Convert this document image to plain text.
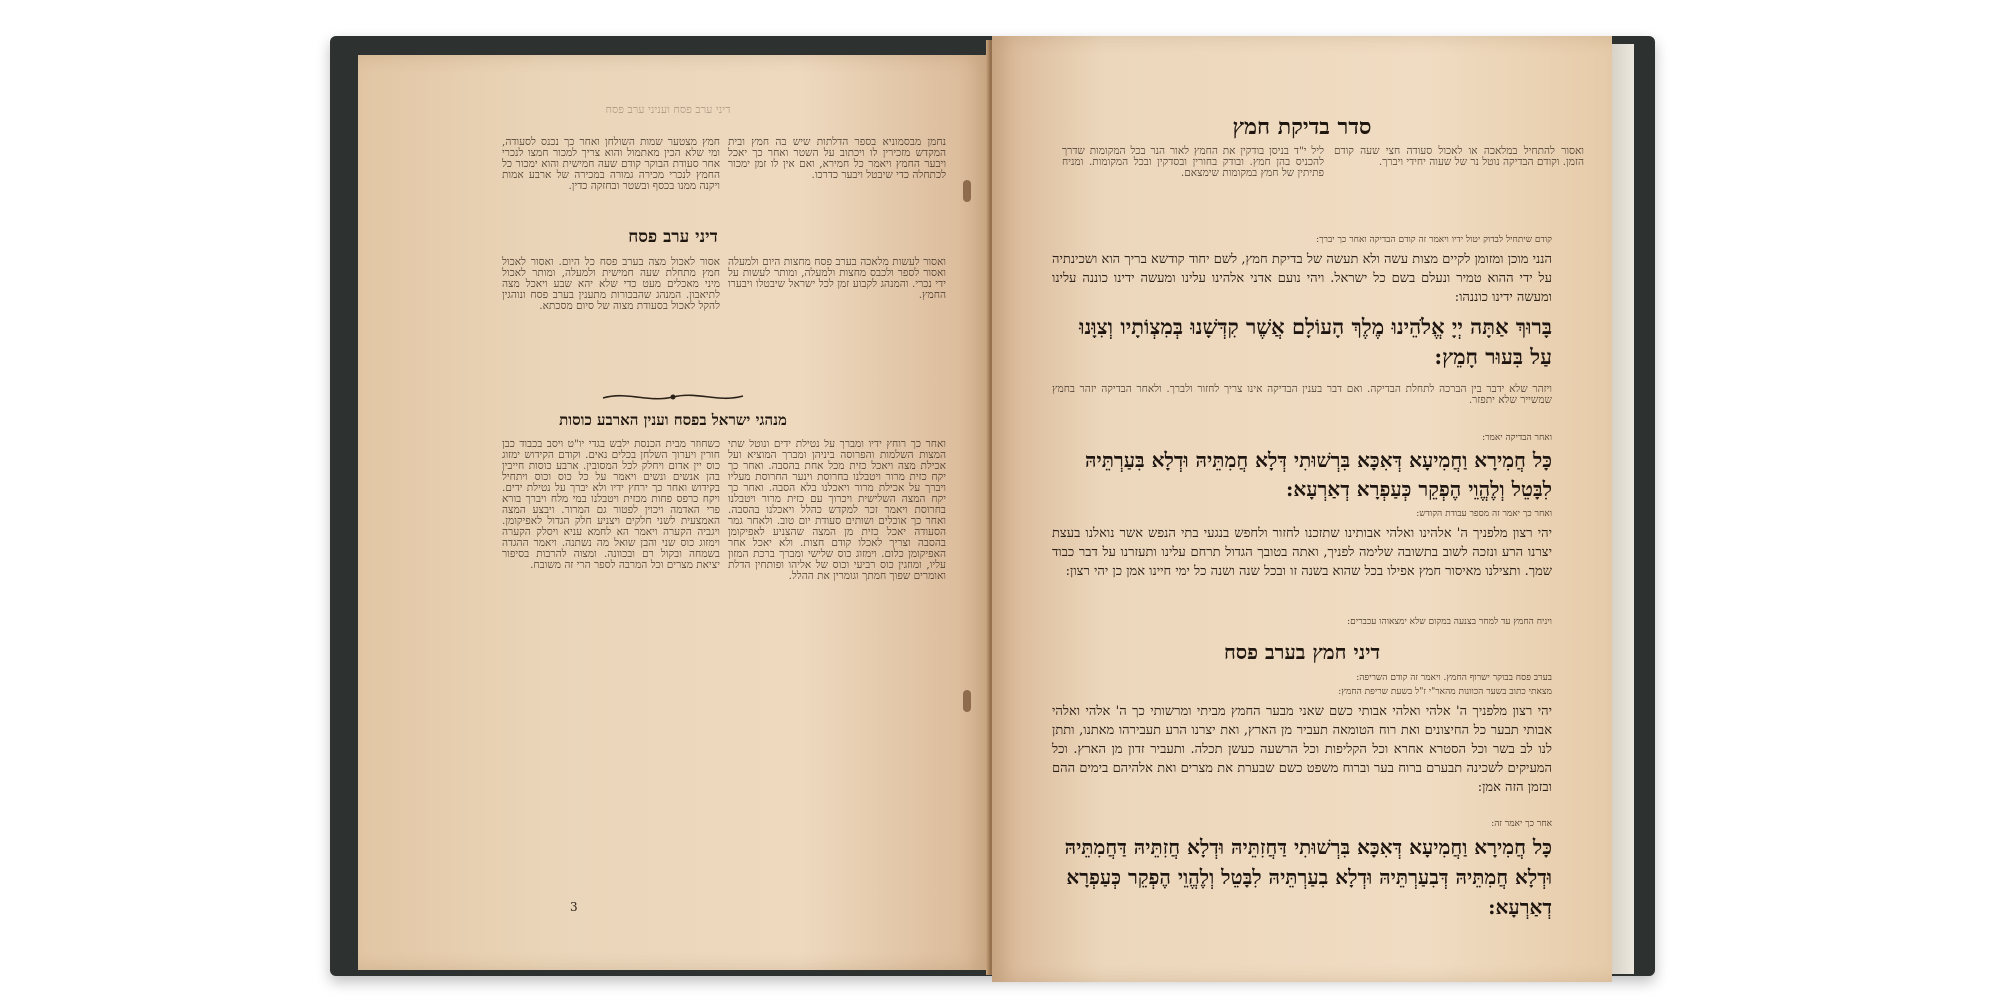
דיני ערב פסח ועניני ערב פסח
חמץ מצטער שמות השולחן ואחר כך נכנס לסעודה, ומי שלא הכין מאתמול והוא צריך למכור חמצו לנכרי אחר סעודת הבוקר קודם שעה חמישית והוא ימכור כל החמץ לנכרי מכירה גמורה במכירה של ארבע אמות ויקנה ממנו בכסף ובשטר ובחזקה כדין.
נחמן מבסמוניא בספר הדלתות שיש בה חמץ ובית המקדש מזכירין לו ויכתוב על השטר ואחר כך יאכל ויבער החמץ ויאמר כל חמירא, ואם אין לו זמן ימכור לכתחלה כדי שיבטל ויבער כדרכו.
דיני ערב פסח
אסור לאכול מצה בערב פסח כל היום. ואסור לאכול חמץ מתחלת שעה חמישית ולמעלה, ומותר לאכול מיני מאכלים מעט כדי שלא יהא שבע ויאכל מצה לתיאבון. המנהג שהבכורות מתענין בערב פסח ונוהגין להקל לאכול בסעודת מצוה של סיום מסכתא.
ואסור לעשות מלאכה בערב פסח מחצות היום ולמעלה ואסור לספר ולכבס מחצות ולמעלה, ומותר לעשות על ידי נכרי. והמנהג לקבוע זמן לכל ישראל שיבטלו ויבערו החמץ.
מנהגי ישראל בפסח וענין הארבע כוסות
כשחוזר מבית הכנסת ילבש בגדי יו"ט ויסב בכבוד כבן חורין ויערוך השלחן בכלים נאים. וקודם הקידוש ימזוג כוס יין אדום ויחלק לכל המסובין. ארבע כוסות חייבין בהן אנשים ונשים ויאמר על כל כוס וכוס ויתחיל בקידוש ואחר כך ירחץ ידיו ולא יברך על נטילת ידים. ויקח כרפס פחות מכזית ויטבלנו במי מלח ויברך בורא פרי האדמה ויכוין לפטור גם המרור. ויבצע המצה האמצעית לשני חלקים ויצניע חלק הגדול לאפיקומן. ויגביה הקערה ויאמר הא לחמא עניא ויסלק הקערה וימזוג כוס שני והבן שואל מה נשתנה. ויאמר ההגדה בשמחה ובקול רם ובכוונה. ומצוה להרבות בסיפור יציאת מצרים וכל המרבה לספר הרי זה משובח.
ואחר כך רוחץ ידיו ומברך על נטילת ידים ונוטל שתי המצות השלמות והפרוסה ביניהן ומברך המוציא ועל אכילת מצה ויאכל כזית מכל אחת בהסבה. ואחר כך יקח כזית מרור ויטבלנו בחרוסת וינער החרוסת מעליו ויברך על אכילת מרור ויאכלנו בלא הסבה. ואחר כך יקח המצה השלישית ויכרוך עם כזית מרור ויטבלנו בחרוסת ויאמר זכר למקדש כהלל ויאכלנו בהסבה. ואחר כך אוכלים ושותים סעודת יום טוב. ולאחר גמר הסעודה יאכל כזית מן המצה שהצניע לאפיקומן בהסבה וצריך לאכלו קודם חצות. ולא יאכל אחר האפיקומן כלום. וימזוג כוס שלישי ומברך ברכת המזון עליו, ומוזגין כוס רביעי וכוס של אליהו ופותחין הדלת ואומרים שפוך חמתך וגומרין את ההלל.
3
סדר בדיקת חמץ
ליל י"ד בניסן בודקין את החמץ לאור הנר בכל המקומות שדרך להכניס בהן חמץ. ובודק בחורין ובסדקין ובכל המקומות. ומניח פתיתין של חמץ במקומות שימצאם.
ואסור להתחיל במלאכה או לאכול סעודה חצי שעה קודם הזמן. וקודם הבדיקה נוטל נר של שעוה יחידי ויברך.
קודם שיתחיל לבדוק יטול ידיו ויאמר זה קודם הבדיקה ואחר כך יברך:
הנני מוכן ומזומן לקיים מצות עשה ולא תעשה של בדיקת חמץ, לשם יחוד קודשא בריך הוא ושכינתיה על ידי ההוא טמיר ונעלם בשם כל ישראל. ויהי נועם אדני אלהינו עלינו ומעשה ידינו כוננה עלינו ומעשה ידינו כוננהו:
בָּרוּךְ אַתָּה יְיָ אֱלֹהֵינוּ מֶלֶךְ הָעוֹלָם אֲשֶׁר קִדְּשָׁנוּ בְּמִצְוֹתָיו וְצִוָּנוּ עַל בִּעוּר חָמֵץ:
ויזהר שלא ידבר בין הברכה לתחלת הבדיקה. ואם דבר בענין הבדיקה אינו צריך לחזור ולברך. ולאחר הבדיקה יזהר בחמץ שמשייר שלא יתפזר.
ואחר הבדיקה יאמר:
כָּל חֲמִירָא וַחֲמִיעָא דְּאִכָּא בִּרְשׁוּתִי דְּלָא חֲמִתֵּיהּ וּדְלָא בִּעַרְתֵּיהּ לִבָּטֵל וְלֶהֱוֵי הֶפְקֵר כְּעַפְרָא דְאַרְעָא:
ואחר כך יאמר זה מספר עבודת הקודש:
יהי רצון מלפניך ה' אלהינו ואלהי אבותינו שתזכנו לחזור ולחפש בנגעי בתי הנפש אשר נואלנו בעצת יצרנו הרע ונזכה לשוב בתשובה שלימה לפניך, ואתה בטובך הגדול תרחם עלינו ותעזרנו על דבר כבוד שמך. ותצילנו מאיסור חמץ אפילו בכל שהוא בשנה זו ובכל שנה ושנה כל ימי חיינו אמן כן יהי רצון:
ויניח החמץ עד למחר בצנעה במקום שלא ימצאוהו עכברים:
דיני חמץ בערב פסח
בערב פסח בבוקר ישרוף החמץ. ויאמר זה קודם השריפה:
מצאתי כתוב בשער הכוונות מהאר"י ז"ל בשעת שריפת החמץ:
יהי רצון מלפניך ה' אלהי ואלהי אבותי כשם שאני מבער החמץ מביתי ומרשותי כך ה' אלהי ואלהי אבותי תבער כל החיצונים ואת רוח הטומאה תעביר מן הארץ, ואת יצרנו הרע תעבירהו מאתנו, ותתן לנו לב בשר וכל הסטרא אחרא וכל הקליפות וכל הרשעה כעשן תכלה. ותעביר זדון מן הארץ. וכל המעיקים לשכינה תבערם ברוח בער וברוח משפט כשם שבערת את מצרים ואת אלהיהם בימים ההם ובזמן הזה אמן:
אחר כך יאמר זה:
כָּל חֲמִירָא וַחֲמִיעָא דְּאִכָּא בִּרְשׁוּתִי דַּחֲזִתֵּיהּ וּדְלָא חֲזִתֵּיהּ דַּחֲמִתֵּיהּ וּדְלָא חֲמִתֵּיהּ דְּבִעַרְתֵּיהּ וּדְלָא בִעַרְתֵּיהּ לִבָּטֵל וְלֶהֱוֵי הֶפְקֵר כְּעַפְרָא דְאַרְעָא:
